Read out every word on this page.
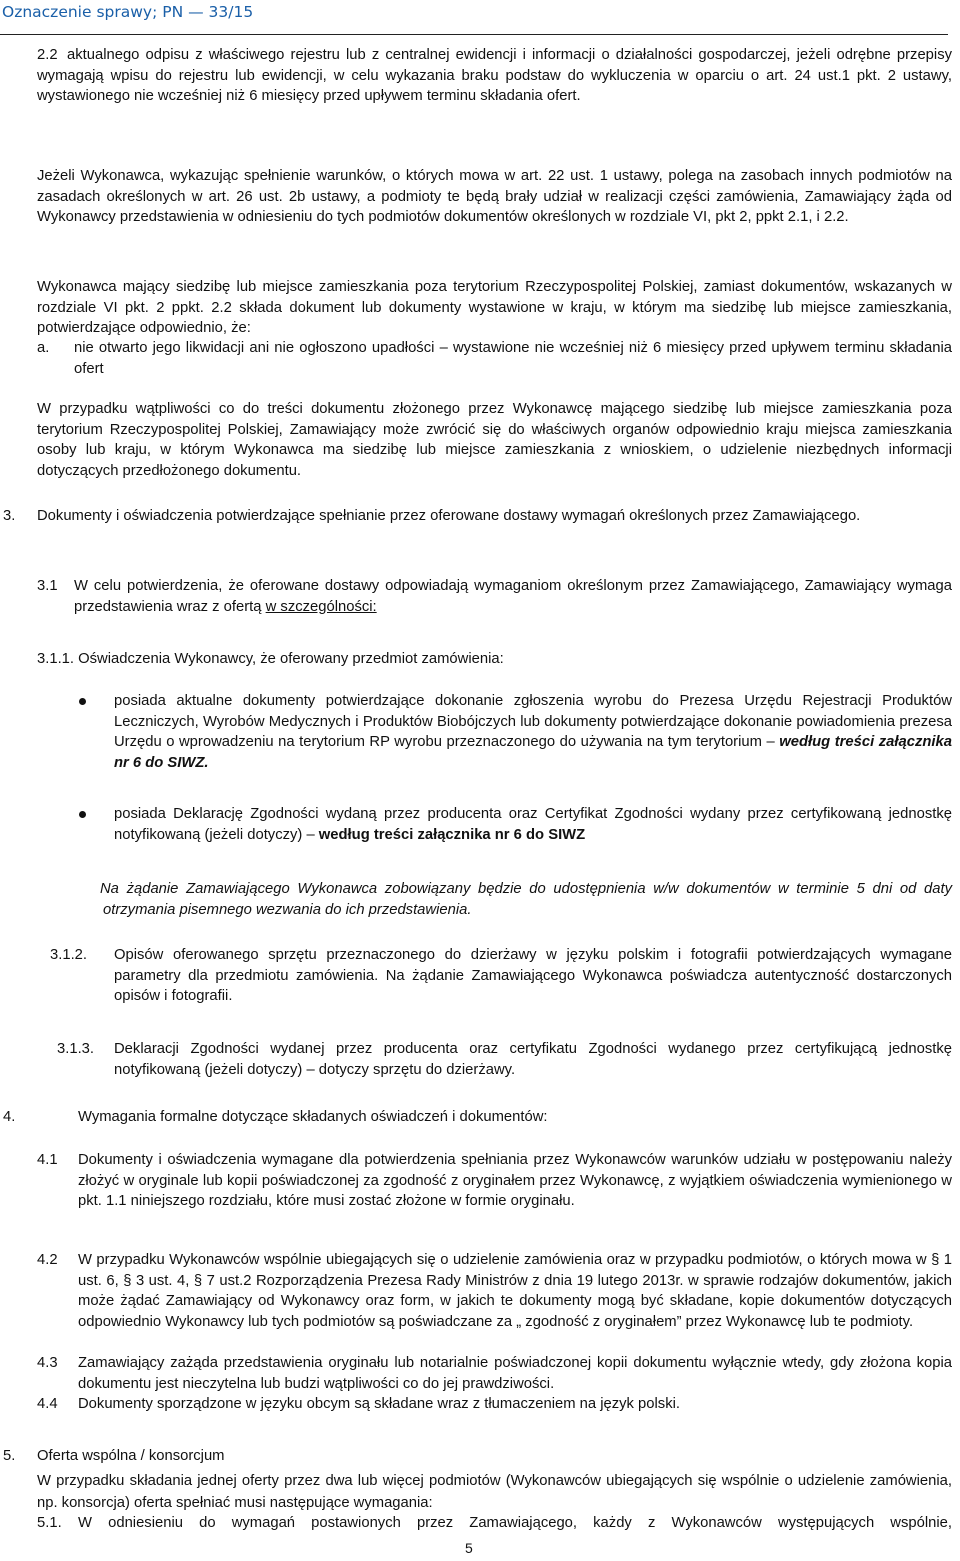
Oznaczenie sprawy; PN — 33/15
2.2 aktualnego odpisu z właściwego rejestru lub z centralnej ewidencji i informacji o działalności gospodarczej, jeżeli odrębne przepisy wymagają wpisu do rejestru lub ewidencji, w celu wykazania braku podstaw do wykluczenia w oparciu o art. 24 ust.1 pkt. 2 ustawy, wystawionego nie wcześniej niż 6 miesięcy przed upływem terminu składania ofert.
Jeżeli Wykonawca, wykazując spełnienie warunków, o których mowa w art. 22 ust. 1 ustawy, polega na zasobach innych podmiotów na zasadach określonych w art. 26 ust. 2b ustawy, a podmioty te będą brały udział w realizacji części zamówienia, Zamawiający żąda od Wykonawcy przedstawienia w odniesieniu do tych podmiotów dokumentów określonych w rozdziale VI, pkt 2, ppkt 2.1, i 2.2.
Wykonawca mający siedzibę lub miejsce zamieszkania poza terytorium Rzeczypospolitej Polskiej, zamiast dokumentów, wskazanych w rozdziale VI pkt. 2 ppkt. 2.2 składa dokument lub dokumenty wystawione w kraju, w którym ma siedzibę lub miejsce zamieszkania, potwierdzające odpowiednio, że:
a. nie otwarto jego likwidacji ani nie ogłoszono upadłości – wystawione nie wcześniej niż 6 miesięcy przed upływem terminu składania ofert
W przypadku wątpliwości co do treści dokumentu złożonego przez Wykonawcę mającego siedzibę lub miejsce zamieszkania poza terytorium Rzeczypospolitej Polskiej, Zamawiający może zwrócić się do właściwych organów odpowiednio kraju miejsca zamieszkania osoby lub kraju, w którym Wykonawca ma siedzibę lub miejsce zamieszkania z wnioskiem, o udzielenie niezbędnych informacji dotyczących przedłożonego dokumentu.
3. Dokumenty i oświadczenia potwierdzające spełnianie przez oferowane dostawy wymagań określonych przez Zamawiającego.
3.1 W celu potwierdzenia, że oferowane dostawy odpowiadają wymaganiom określonym przez Zamawiającego, Zamawiający wymaga przedstawienia wraz z ofertą w szczególności:
3.1.1. Oświadczenia Wykonawcy, że oferowany przedmiot zamówienia:
posiada aktualne dokumenty potwierdzające dokonanie zgłoszenia wyrobu do Prezesa Urzędu Rejestracji Produktów Leczniczych, Wyrobów Medycznych i Produktów Biobójczych lub dokumenty potwierdzające dokonanie powiadomienia prezesa Urzędu o wprowadzeniu na terytorium RP wyrobu przeznaczonego do używania na tym terytorium – według treści załącznika nr 6 do SIWZ.
posiada Deklarację Zgodności wydaną przez producenta oraz Certyfikat Zgodności wydany przez certyfikowaną jednostkę notyfikowaną (jeżeli dotyczy) – według treści załącznika nr 6 do SIWZ
Na żądanie Zamawiającego Wykonawca zobowiązany będzie do udostępnienia w/w dokumentów w terminie 5 dni od daty otrzymania pisemnego wezwania do ich przedstawienia.
3.1.2. Opisów oferowanego sprzętu przeznaczonego do dzierżawy w języku polskim i fotografii potwierdzających wymagane parametry dla przedmiotu zamówienia. Na żądanie Zamawiającego Wykonawca poświadcza autentyczność dostarczonych opisów i fotografii.
3.1.3. Deklaracji Zgodności wydanej przez producenta oraz certyfikatu Zgodności wydanego przez certyfikującą jednostkę notyfikowaną (jeżeli dotyczy) – dotyczy sprzętu do dzierżawy.
4.	Wymagania formalne dotyczące składanych oświadczeń i dokumentów:
4.1 Dokumenty i oświadczenia wymagane dla potwierdzenia spełniania przez Wykonawców warunków udziału w postępowaniu należy złożyć w oryginale lub kopii poświadczonej za zgodność z oryginałem przez Wykonawcę, z wyjątkiem oświadczenia wymienionego w pkt. 1.1 niniejszego rozdziału, które musi zostać złożone w formie oryginału.
4.2 W przypadku Wykonawców wspólnie ubiegających się o udzielenie zamówienia oraz w przypadku podmiotów, o których mowa w § 1 ust. 6, § 3 ust. 4, § 7 ust.2 Rozporządzenia Prezesa Rady Ministrów z dnia 19 lutego 2013r. w sprawie rodzajów dokumentów, jakich może żądać Zamawiający od Wykonawcy oraz form, w jakich te dokumenty mogą być składane, kopie dokumentów dotyczących odpowiednio Wykonawcy lub tych podmiotów są poświadczane za „ zgodność z oryginałem” przez Wykonawcę lub te podmioty.
4.3 Zamawiający zażąda przedstawienia oryginału lub notarialnie poświadczonej kopii dokumentu wyłącznie wtedy, gdy złożona kopia dokumentu jest nieczytelna lub budzi wątpliwości co do jej prawdziwości.
4.4 Dokumenty sporządzone w języku obcym są składane wraz z tłumaczeniem na język polski.
5. Oferta wspólna / konsorcjum
W przypadku składania jednej oferty przez dwa lub więcej podmiotów (Wykonawców ubiegających się wspólnie o udzielenie zamówienia, np. konsorcja) oferta spełniać musi następujące wymagania:
5.1. W odniesieniu do wymagań postawionych przez Zamawiającego, każdy z Wykonawców występujących wspólnie,
5
